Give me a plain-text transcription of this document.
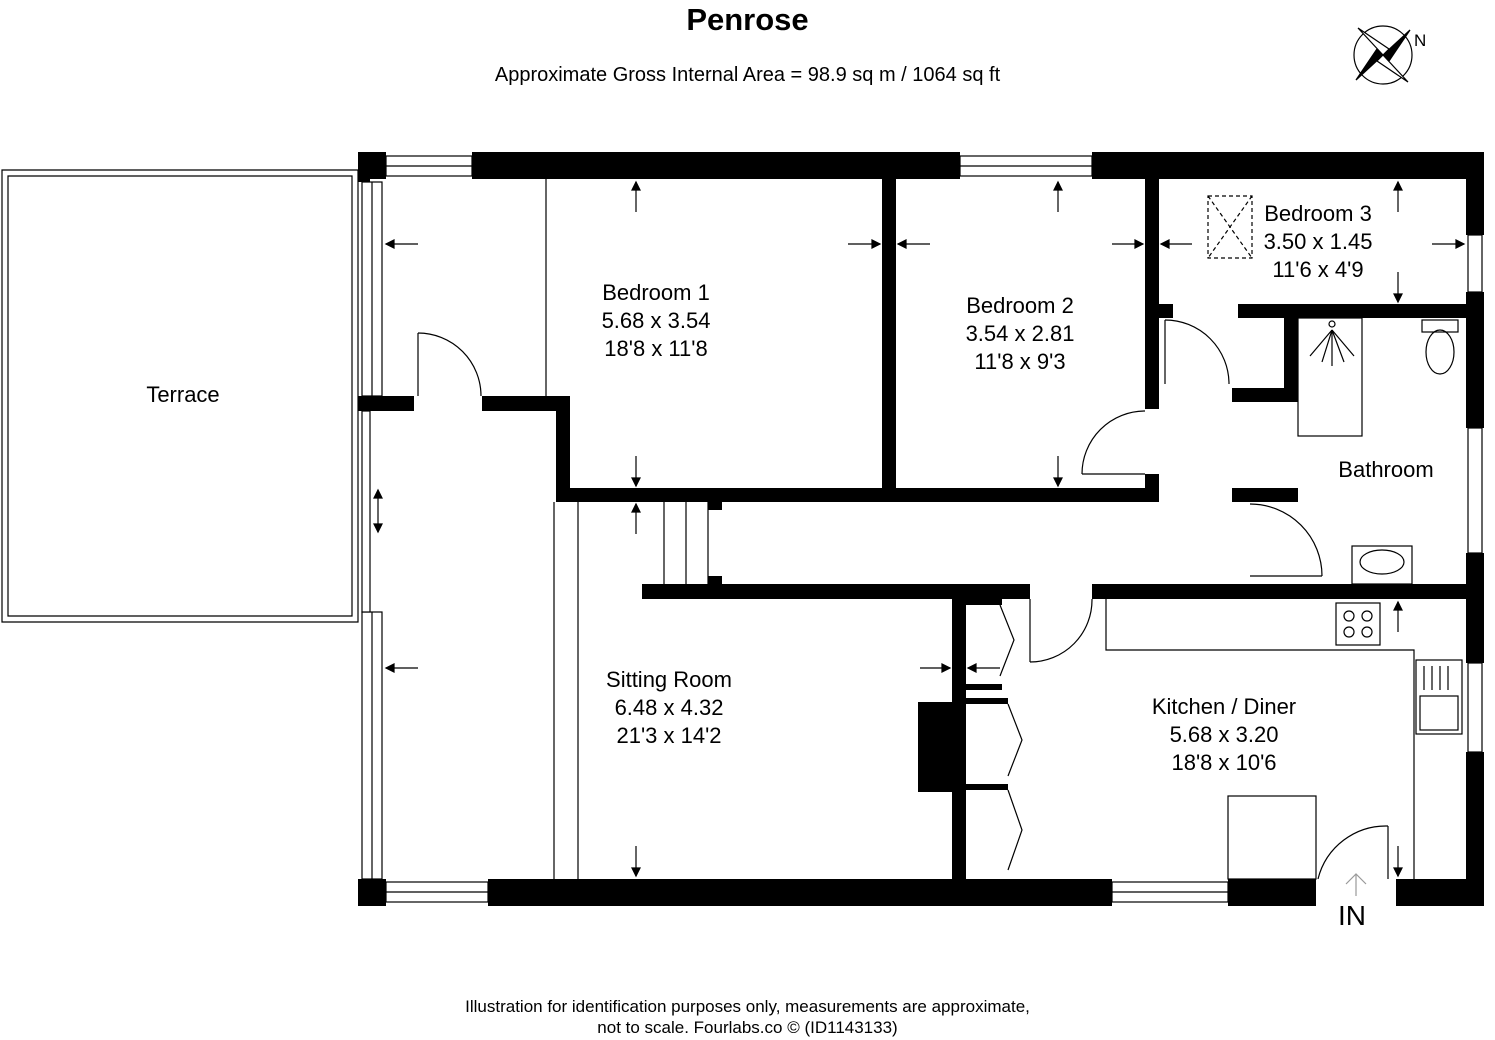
Penrose
Approximate Gross Internal Area = 98.9 sq m / 1064 sq ft
N
Terrace
Bedroom 1
5.68 x 3.54
18'8 x 11'8
Bedroom 2
3.54 x 2.81
11'8 x 9'3
Bedroom 3
3.50 x 1.45
11'6 x 4'9
Bathroom
Sitting Room
6.48 x 4.32
21'3 x 14'2
Kitchen / Diner
5.68 x 3.20
18'8 x 10'6
IN
Illustration for identification purposes only, measurements are approximate,
not to scale. Fourlabs.co © (ID1143133)
